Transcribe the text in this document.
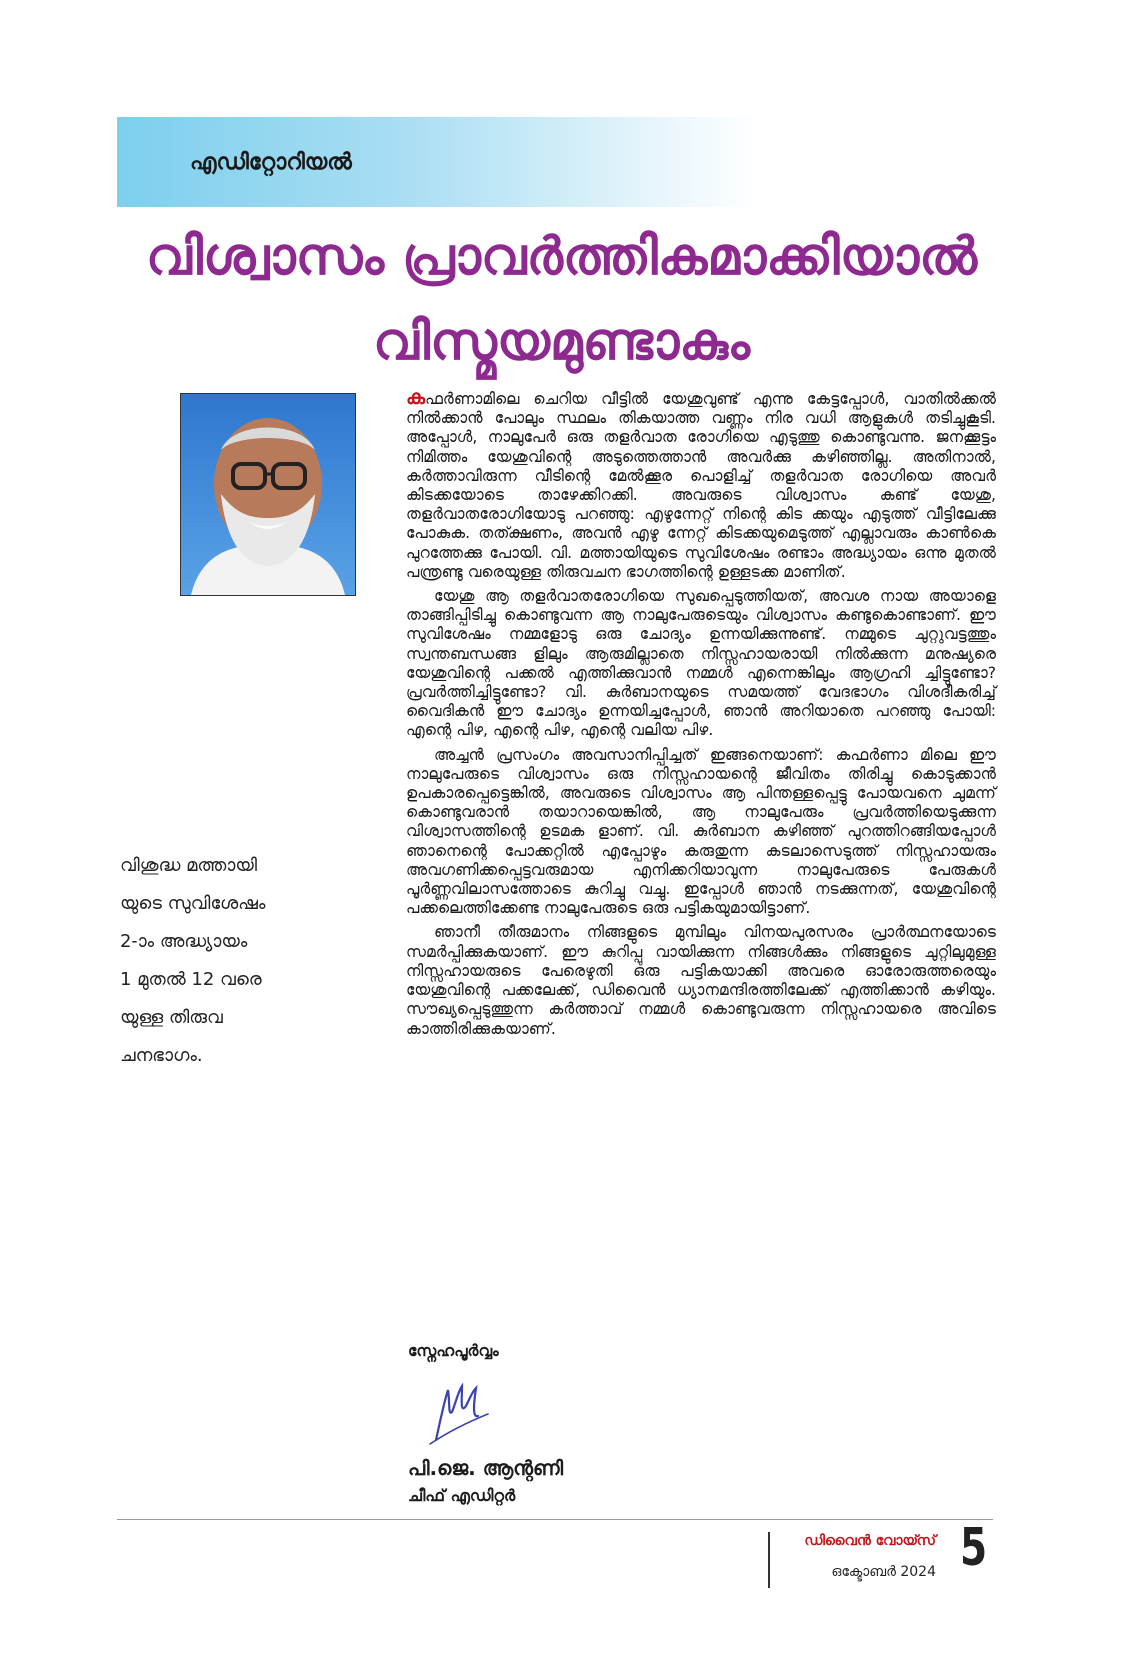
എഡിറ്റോറിയൽ
വിശ്വാസം പ്രാവർത്തികമാക്കിയാൽ
വിസ്മയമുണ്ടാകും
വിശുദ്ധ മത്തായി
യുടെ സുവിശേഷം
2-ാം അദ്ധ്യായം
1 മുതൽ 12 വരെ
യുള്ള തിരുവ
ചനഭാഗം.

കഫർണാമിലെ ചെറിയ വീട്ടിൽ യേശുവുണ്ട് എന്നു കേട്ടപ്പോൾ, വാതിൽക്കൽ നിൽക്കാൻ പോലും സ്ഥലം തികയാത്ത വണ്ണം നിര വധി ആളുകൾ തടിച്ചുകൂടി. അപ്പോൾ, നാലുപേർ ഒരു തളർവാത രോഗിയെ എടുത്തു കൊണ്ടുവന്നു. ജനക്കൂട്ടം നിമിത്തം യേശുവിന്റെ അടുത്തെത്താൻ അവർക്കു കഴിഞ്ഞില്ല. അതിനാൽ, കർത്താവിരുന്ന വീടിന്റെ മേൽക്കൂര പൊളിച്ച് തളർവാത രോഗിയെ അവർ കിടക്കയോടെ താഴേക്കിറക്കി. അവരുടെ വിശ്വാസം കണ്ട് യേശു, തളർവാതരോഗിയോടു പറഞ്ഞു: എഴുന്നേറ്റ് നിന്റെ കിട ക്കയും എടുത്ത് വീട്ടിലേക്കു പോകുക. തത്ക്ഷണം, അവൻ എഴു ന്നേറ്റ് കിടക്കയുമെടുത്ത് എല്ലാവരും കാൺകെ പുറത്തേക്കു പോയി. വി. മത്തായിയുടെ സുവിശേഷം രണ്ടാം അദ്ധ്യായം ഒന്നു മുതൽ പന്ത്രണ്ടു വരെയുള്ള തിരുവചന ഭാഗത്തിന്റെ ഉള്ളടക്ക മാണിത്.

യേശു ആ തളർവാതരോഗിയെ സുഖപ്പെടുത്തിയത്, അവശ നായ അയാളെ താങ്ങിപ്പിടിച്ചു കൊണ്ടുവന്ന ആ നാലുപേരുടെയും വിശ്വാസം കണ്ടുകൊണ്ടാണ്. ഈ സുവിശേഷം നമ്മളോടു ഒരു ചോദ്യം ഉന്നയിക്കുന്നുണ്ട്. നമ്മുടെ ചുറ്റുവട്ടത്തും സ്വന്തബന്ധങ്ങ ളിലും ആരുമില്ലാതെ നിസ്സഹായരായി നിൽക്കുന്ന മനുഷ്യരെ യേശുവിന്റെ പക്കൽ എത്തിക്കുവാൻ നമ്മൾ എന്നെങ്കിലും ആഗ്രഹി ച്ചിട്ടുണ്ടോ? പ്രവർത്തിച്ചിട്ടുണ്ടോ? വി. കുർബാനയുടെ സമയത്ത് വേദഭാഗം വിശദീകരിച്ച് വൈദികൻ ഈ ചോദ്യം ഉന്നയിച്ചപ്പോൾ, ഞാൻ അറിയാതെ പറഞ്ഞു പോയി: എന്റെ പിഴ, എന്റെ പിഴ, എന്റെ വലിയ പിഴ.

അച്ചൻ പ്രസംഗം അവസാനിപ്പിച്ചത് ഇങ്ങനെയാണ്: കഫർണാ മിലെ ഈ നാലുപേരുടെ വിശ്വാസം ഒരു നിസ്സഹായന്റെ ജീവിതം തിരിച്ചു കൊടുക്കാൻ ഉപകാരപ്പെട്ടെങ്കിൽ, അവരുടെ വിശ്വാസം ആ പിന്തള്ളപ്പെട്ടു പോയവനെ ചുമന്ന് കൊണ്ടുവരാൻ തയാറായെങ്കിൽ, ആ നാലുപേരും പ്രവർത്തിയെടുക്കുന്ന വിശ്വാസത്തിന്റെ ഉടമക ളാണ്. വി. കുർബാന കഴിഞ്ഞ് പുറത്തിറങ്ങിയപ്പോൾ ഞാനെന്റെ പോക്കറ്റിൽ എപ്പോഴും കരുതുന്ന കടലാസെടുത്ത് നിസ്സഹായരും അവഗണിക്കപ്പെട്ടവരുമായ എനിക്കറിയാവുന്ന നാലുപേരുടെ പേരുകൾ പൂർണ്ണവിലാസത്തോടെ കുറിച്ചു വച്ചു. ഇപ്പോൾ ഞാൻ നടക്കുന്നത്, യേശുവിന്റെ പക്കലെത്തിക്കേണ്ട നാലുപേരുടെ ഒരു പട്ടികയുമായിട്ടാണ്.

ഞാനീ തീരുമാനം നിങ്ങളുടെ മുമ്പിലും വിനയപുരസരം പ്രാർത്ഥനയോടെ സമർപ്പിക്കുകയാണ്. ഈ കുറിപ്പു വായിക്കുന്ന നിങ്ങൾക്കും നിങ്ങളുടെ ചുറ്റിലുമുള്ള നിസ്സഹായരുടെ പേരെഴുതി ഒരു പട്ടികയാക്കി അവരെ ഓരോരുത്തരെയും യേശുവിന്റെ പക്കലേക്ക്, ഡിവൈൻ ധ്യാനമന്ദിരത്തിലേക്ക് എത്തിക്കാൻ കഴിയും. സൗഖ്യപ്പെടുത്തുന്ന കർത്താവ് നമ്മൾ കൊണ്ടുവരുന്ന നിസ്സഹായരെ അവിടെ കാത്തിരിക്കുകയാണ്.

സ്നേഹപൂർവ്വം
പി.ജെ. ആന്റണി
ചീഫ് എഡിറ്റർ
ഡിവൈൻ വോയ്സ്
ഒക്ടോബർ 2024 5
